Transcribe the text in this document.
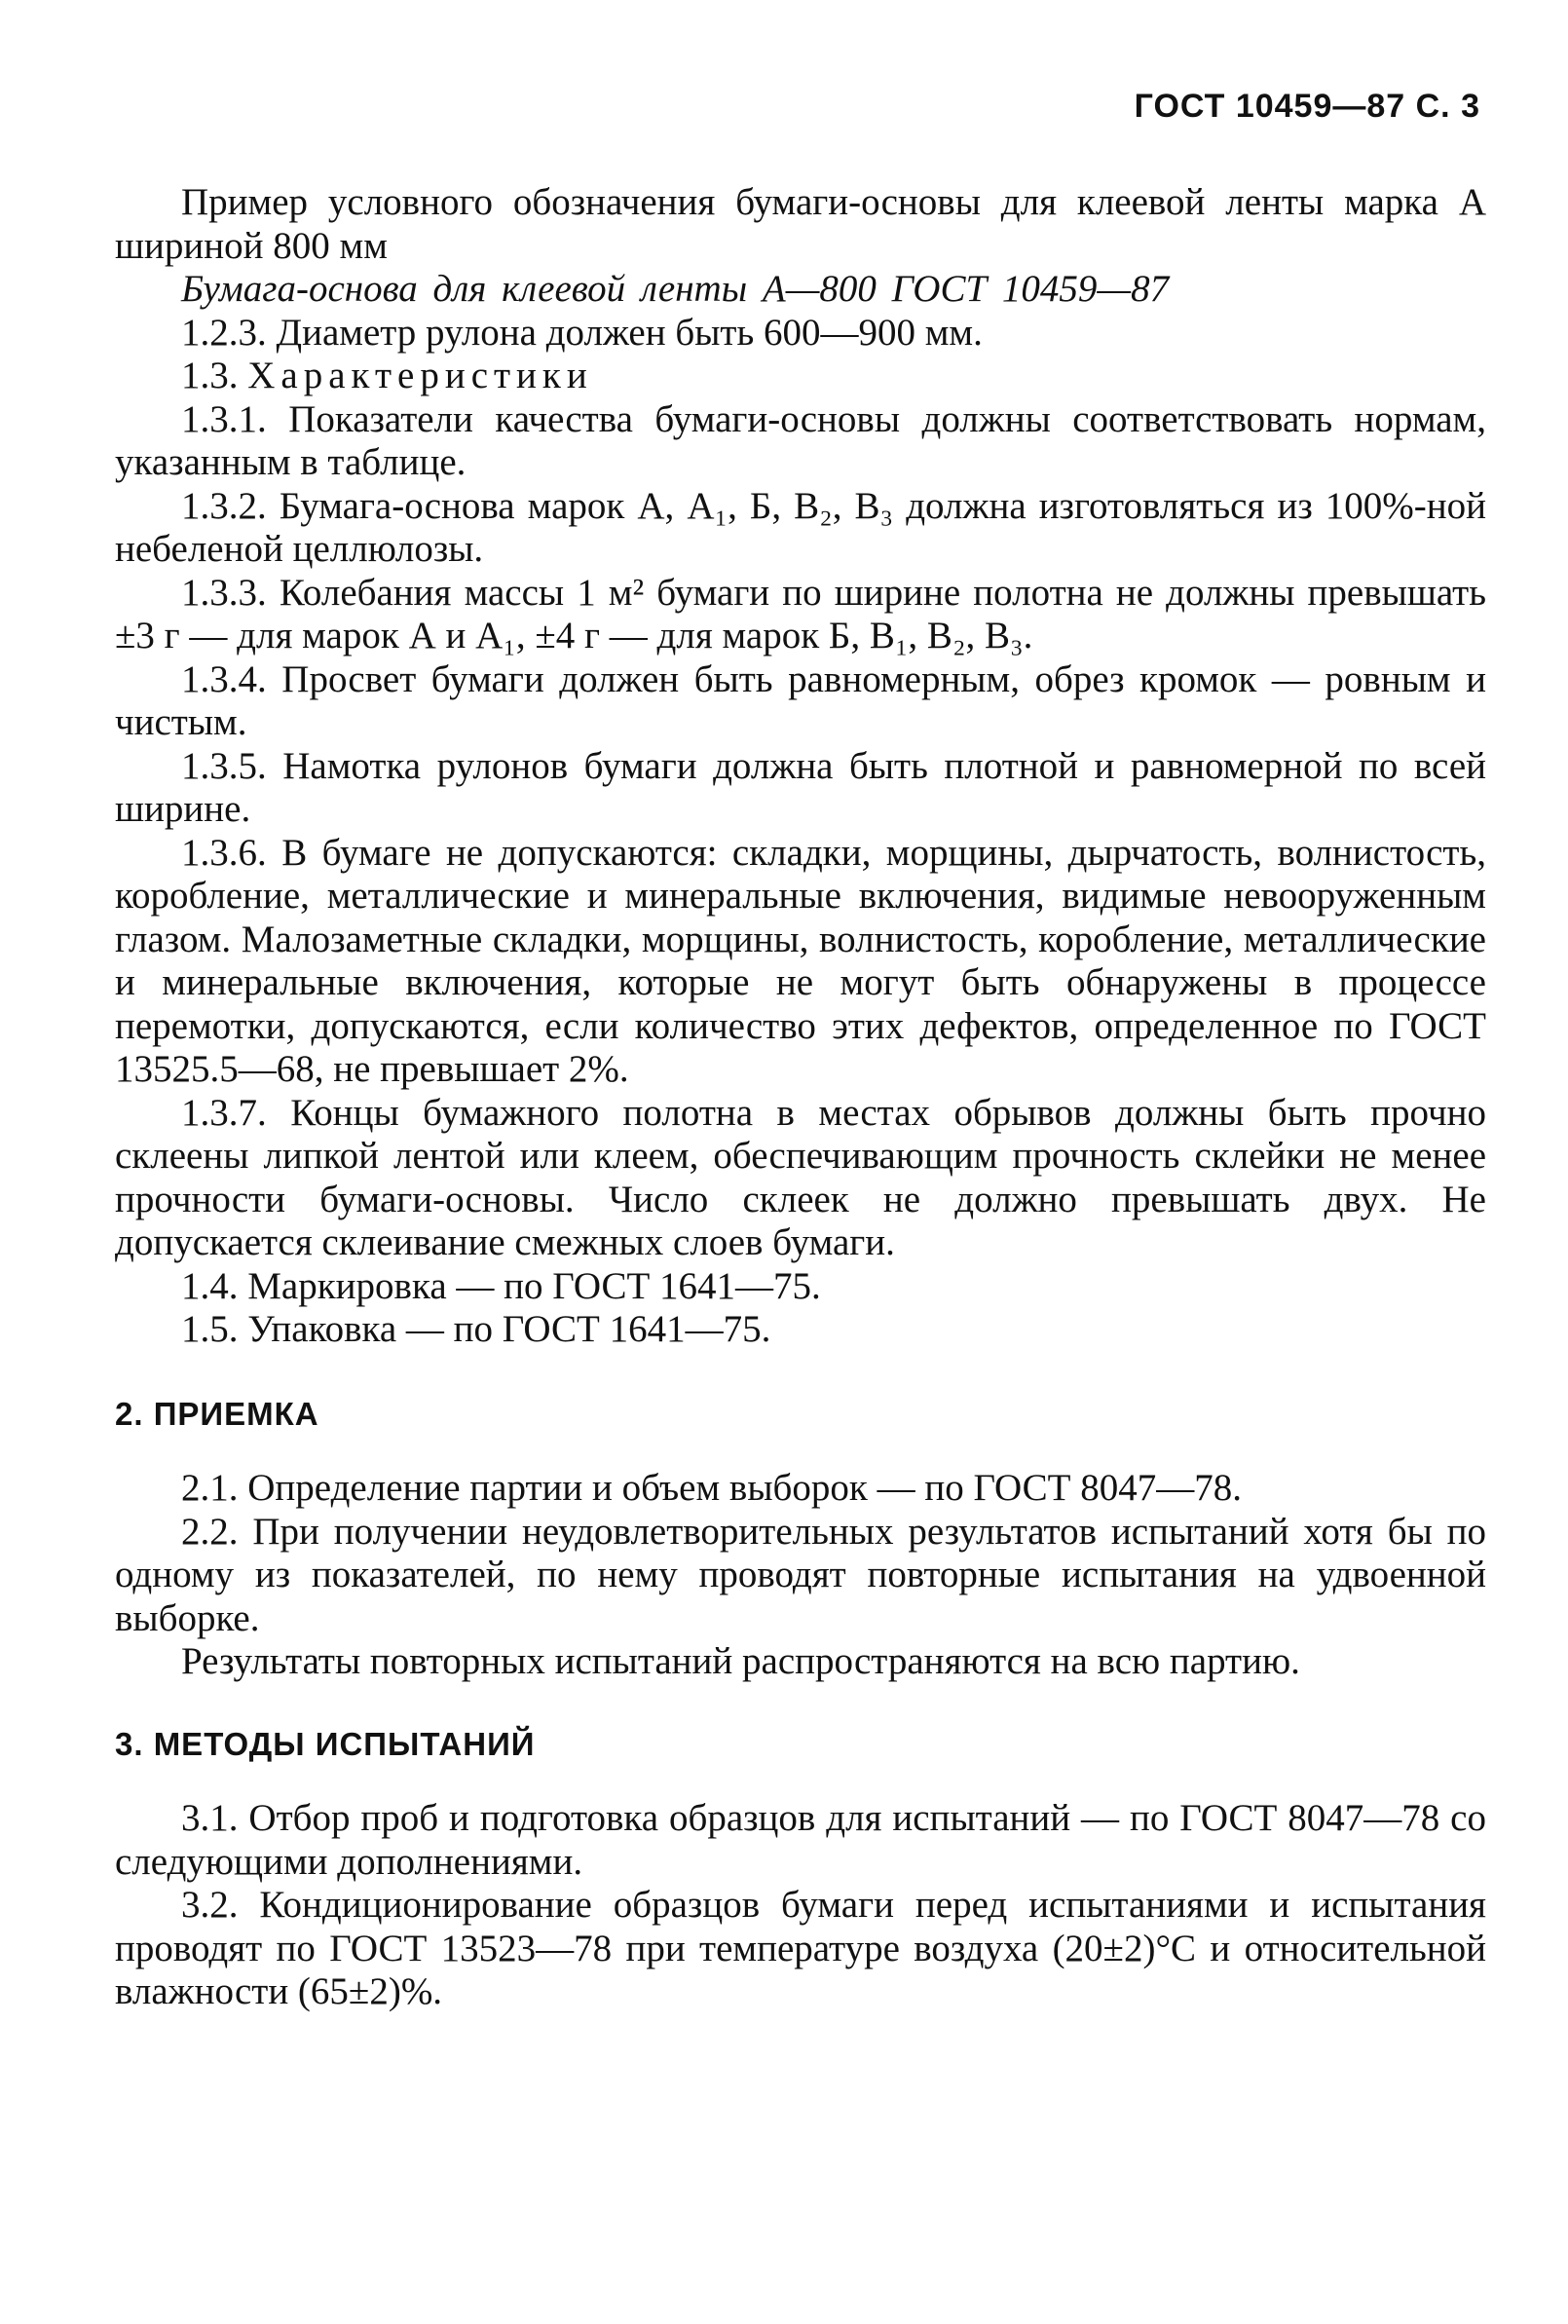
ГОСТ 10459—87 С. 3

Пример условного обозначения бумаги-основы для клеевой ленты марка А шириной 800 мм

Бумага-основа для клеевой ленты А—800 ГОСТ 10459—87

1.2.3. Диаметр рулона должен быть 600—900 мм.

1.3. Характеристики

1.3.1. Показатели качества бумаги-основы должны соответствовать нормам, указанным в таблице.

1.3.2. Бумага-основа марок А, А₁, Б, В₂, В₃ должна изготовляться из 100%-ной небеленой целлюлозы.

1.3.3. Колебания массы 1 м² бумаги по ширине полотна не должны превышать ±3 г — для марок А и А₁, ±4 г — для марок Б, В₁, В₂, В₃.

1.3.4. Просвет бумаги должен быть равномерным, обрез кромок — ровным и чистым.

1.3.5. Намотка рулонов бумаги должна быть плотной и равномерной по всей ширине.

1.3.6. В бумаге не допускаются: складки, морщины, дырчатость, волнистость, коробление, металлические и минеральные включения, видимые невооруженным глазом. Малозаметные складки, морщины, волнистость, коробление, металлические и минеральные включения, которые не могут быть обнаружены в процессе перемотки, допускаются, если количество этих дефектов, определенное по ГОСТ 13525.5—68, не превышает 2%.

1.3.7. Концы бумажного полотна в местах обрывов должны быть прочно склеены липкой лентой или клеем, обеспечивающим прочность склейки не менее прочности бумаги-основы. Число склеек не должно превышать двух. Не допускается склеивание смежных слоев бумаги.

1.4. Маркировка — по ГОСТ 1641—75.

1.5. Упаковка — по ГОСТ 1641—75.

2. ПРИЕМКА

2.1. Определение партии и объем выборок — по ГОСТ 8047—78.

2.2. При получении неудовлетворительных результатов испытаний хотя бы по одному из показателей, по нему проводят повторные испытания на удвоенной выборке.

Результаты повторных испытаний распространяются на всю партию.

3. МЕТОДЫ ИСПЫТАНИЙ

3.1. Отбор проб и подготовка образцов для испытаний — по ГОСТ 8047—78 со следующими дополнениями.

3.2. Кондиционирование образцов бумаги перед испытаниями и испытания проводят по ГОСТ 13523—78 при температуре воздуха (20±2)°С и относительной влажности (65±2)%.
